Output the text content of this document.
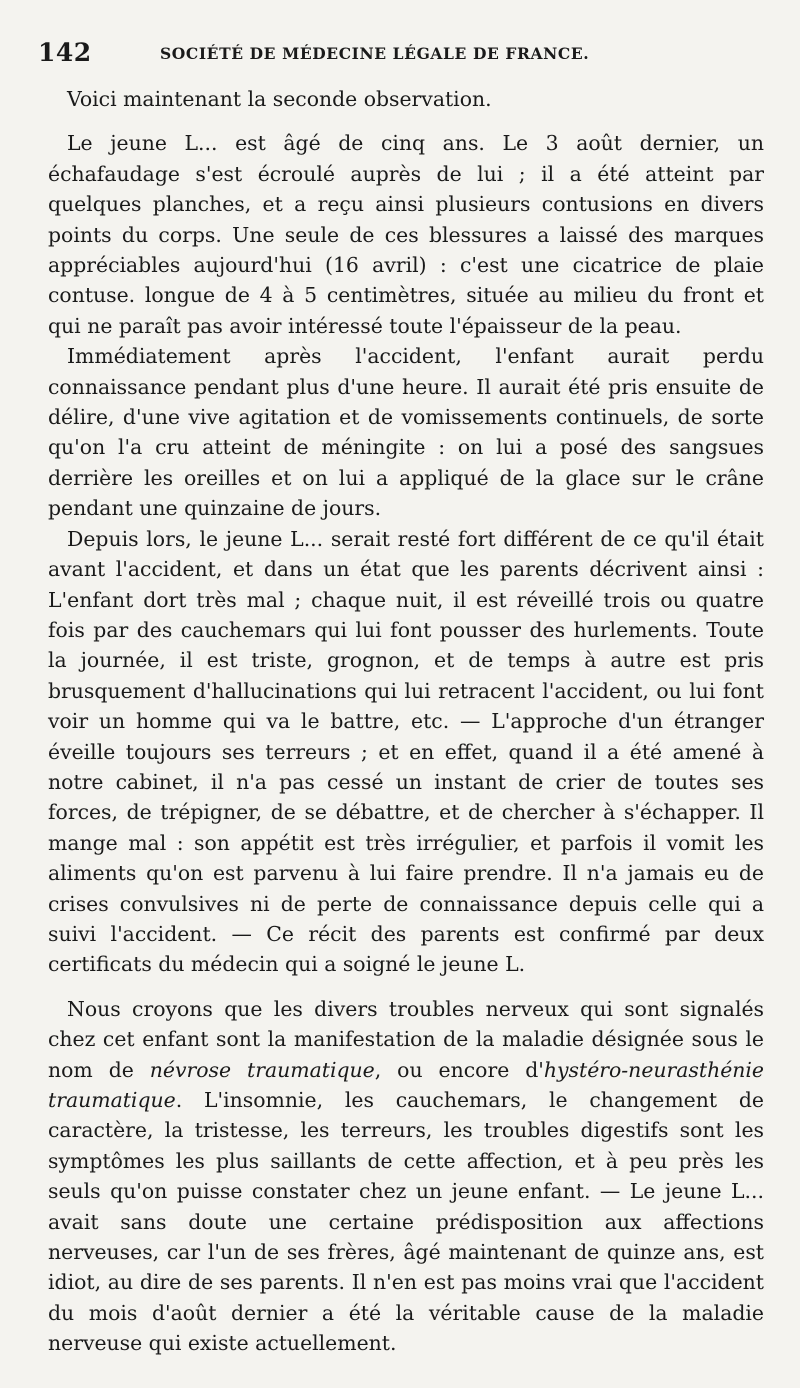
142	SOCIÉTÉ DE MÉDECINE LÉGALE DE FRANCE.

Voici maintenant la seconde observation.

Le jeune L... est âgé de cinq ans. Le 3 août dernier, un échafaudage s'est écroulé auprès de lui ; il a été atteint par quelques planches, et a reçu ainsi plusieurs contusions en divers points du corps. Une seule de ces blessures a laissé des marques appréciables aujourd'hui (16 avril) : c'est une cicatrice de plaie contuse. longue de 4 à 5 centimètres, située au milieu du front et qui ne paraît pas avoir intéressé toute l'épaisseur de la peau.

Immédiatement après l'accident, l'enfant aurait perdu connaissance pendant plus d'une heure. Il aurait été pris ensuite de délire, d'une vive agitation et de vomissements continuels, de sorte qu'on l'a cru atteint de méningite : on lui a posé des sangsues derrière les oreilles et on lui a appliqué de la glace sur le crâne pendant une quinzaine de jours.

Depuis lors, le jeune L... serait resté fort différent de ce qu'il était avant l'accident, et dans un état que les parents décrivent ainsi : L'enfant dort très mal ; chaque nuit, il est réveillé trois ou quatre fois par des cauchemars qui lui font pousser des hurlements. Toute la journée, il est triste, grognon, et de temps à autre est pris brusquement d'hallucinations qui lui retracent l'accident, ou lui font voir un homme qui va le battre, etc. — L'approche d'un étranger éveille toujours ses terreurs ; et en effet, quand il a été amené à notre cabinet, il n'a pas cessé un instant de crier de toutes ses forces, de trépigner, de se débattre, et de chercher à s'échapper. Il mange mal : son appétit est très irrégulier, et parfois il vomit les aliments qu'on est parvenu à lui faire prendre. Il n'a jamais eu de crises convulsives ni de perte de connaissance depuis celle qui a suivi l'accident. — Ce récit des parents est confirmé par deux certificats du médecin qui a soigné le jeune L.

Nous croyons que les divers troubles nerveux qui sont signalés chez cet enfant sont la manifestation de la maladie désignée sous le nom de névrose traumatique, ou encore d'hystéro-neurasthénie traumatique. L'insomnie, les cauchemars, le changement de caractère, la tristesse, les terreurs, les troubles digestifs sont les symptômes les plus saillants de cette affection, et à peu près les seuls qu'on puisse constater chez un jeune enfant. — Le jeune L... avait sans doute une certaine prédisposition aux affections nerveuses, car l'un de ses frères, âgé maintenant de quinze ans, est idiot, au dire de ses parents. Il n'en est pas moins vrai que l'accident du mois d'août dernier a été la véritable cause de la maladie nerveuse qui existe actuellement.
